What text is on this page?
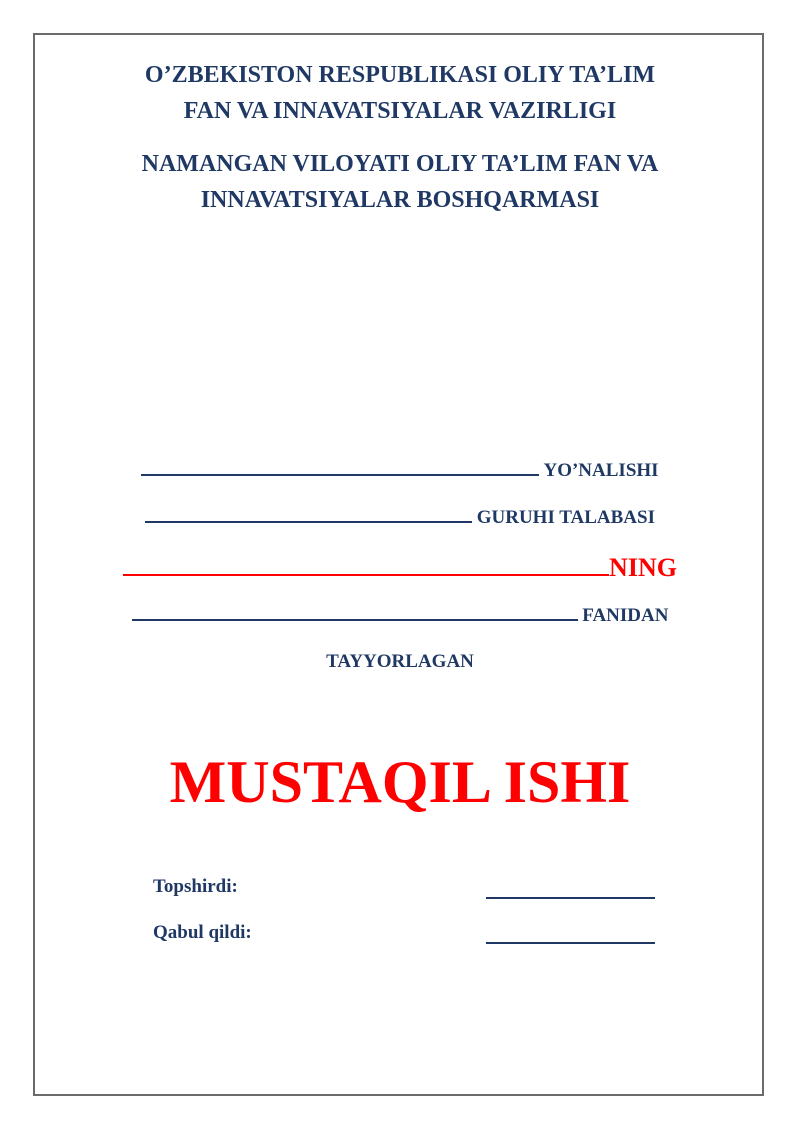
O’ZBEKISTON RESPUBLIKASI OLIY TA’LIM
FAN VA INNAVATSIYALAR VAZIRLIGI
NAMANGAN VILOYATI OLIY TA’LIM FAN VA
INNAVATSIYALAR BOSHQARMASI
YO’NALISHI
GURUHI TALABASI
NING
FANIDAN
TAYYORLAGAN
MUSTAQIL ISHI
Topshirdi:
Qabul qildi:
